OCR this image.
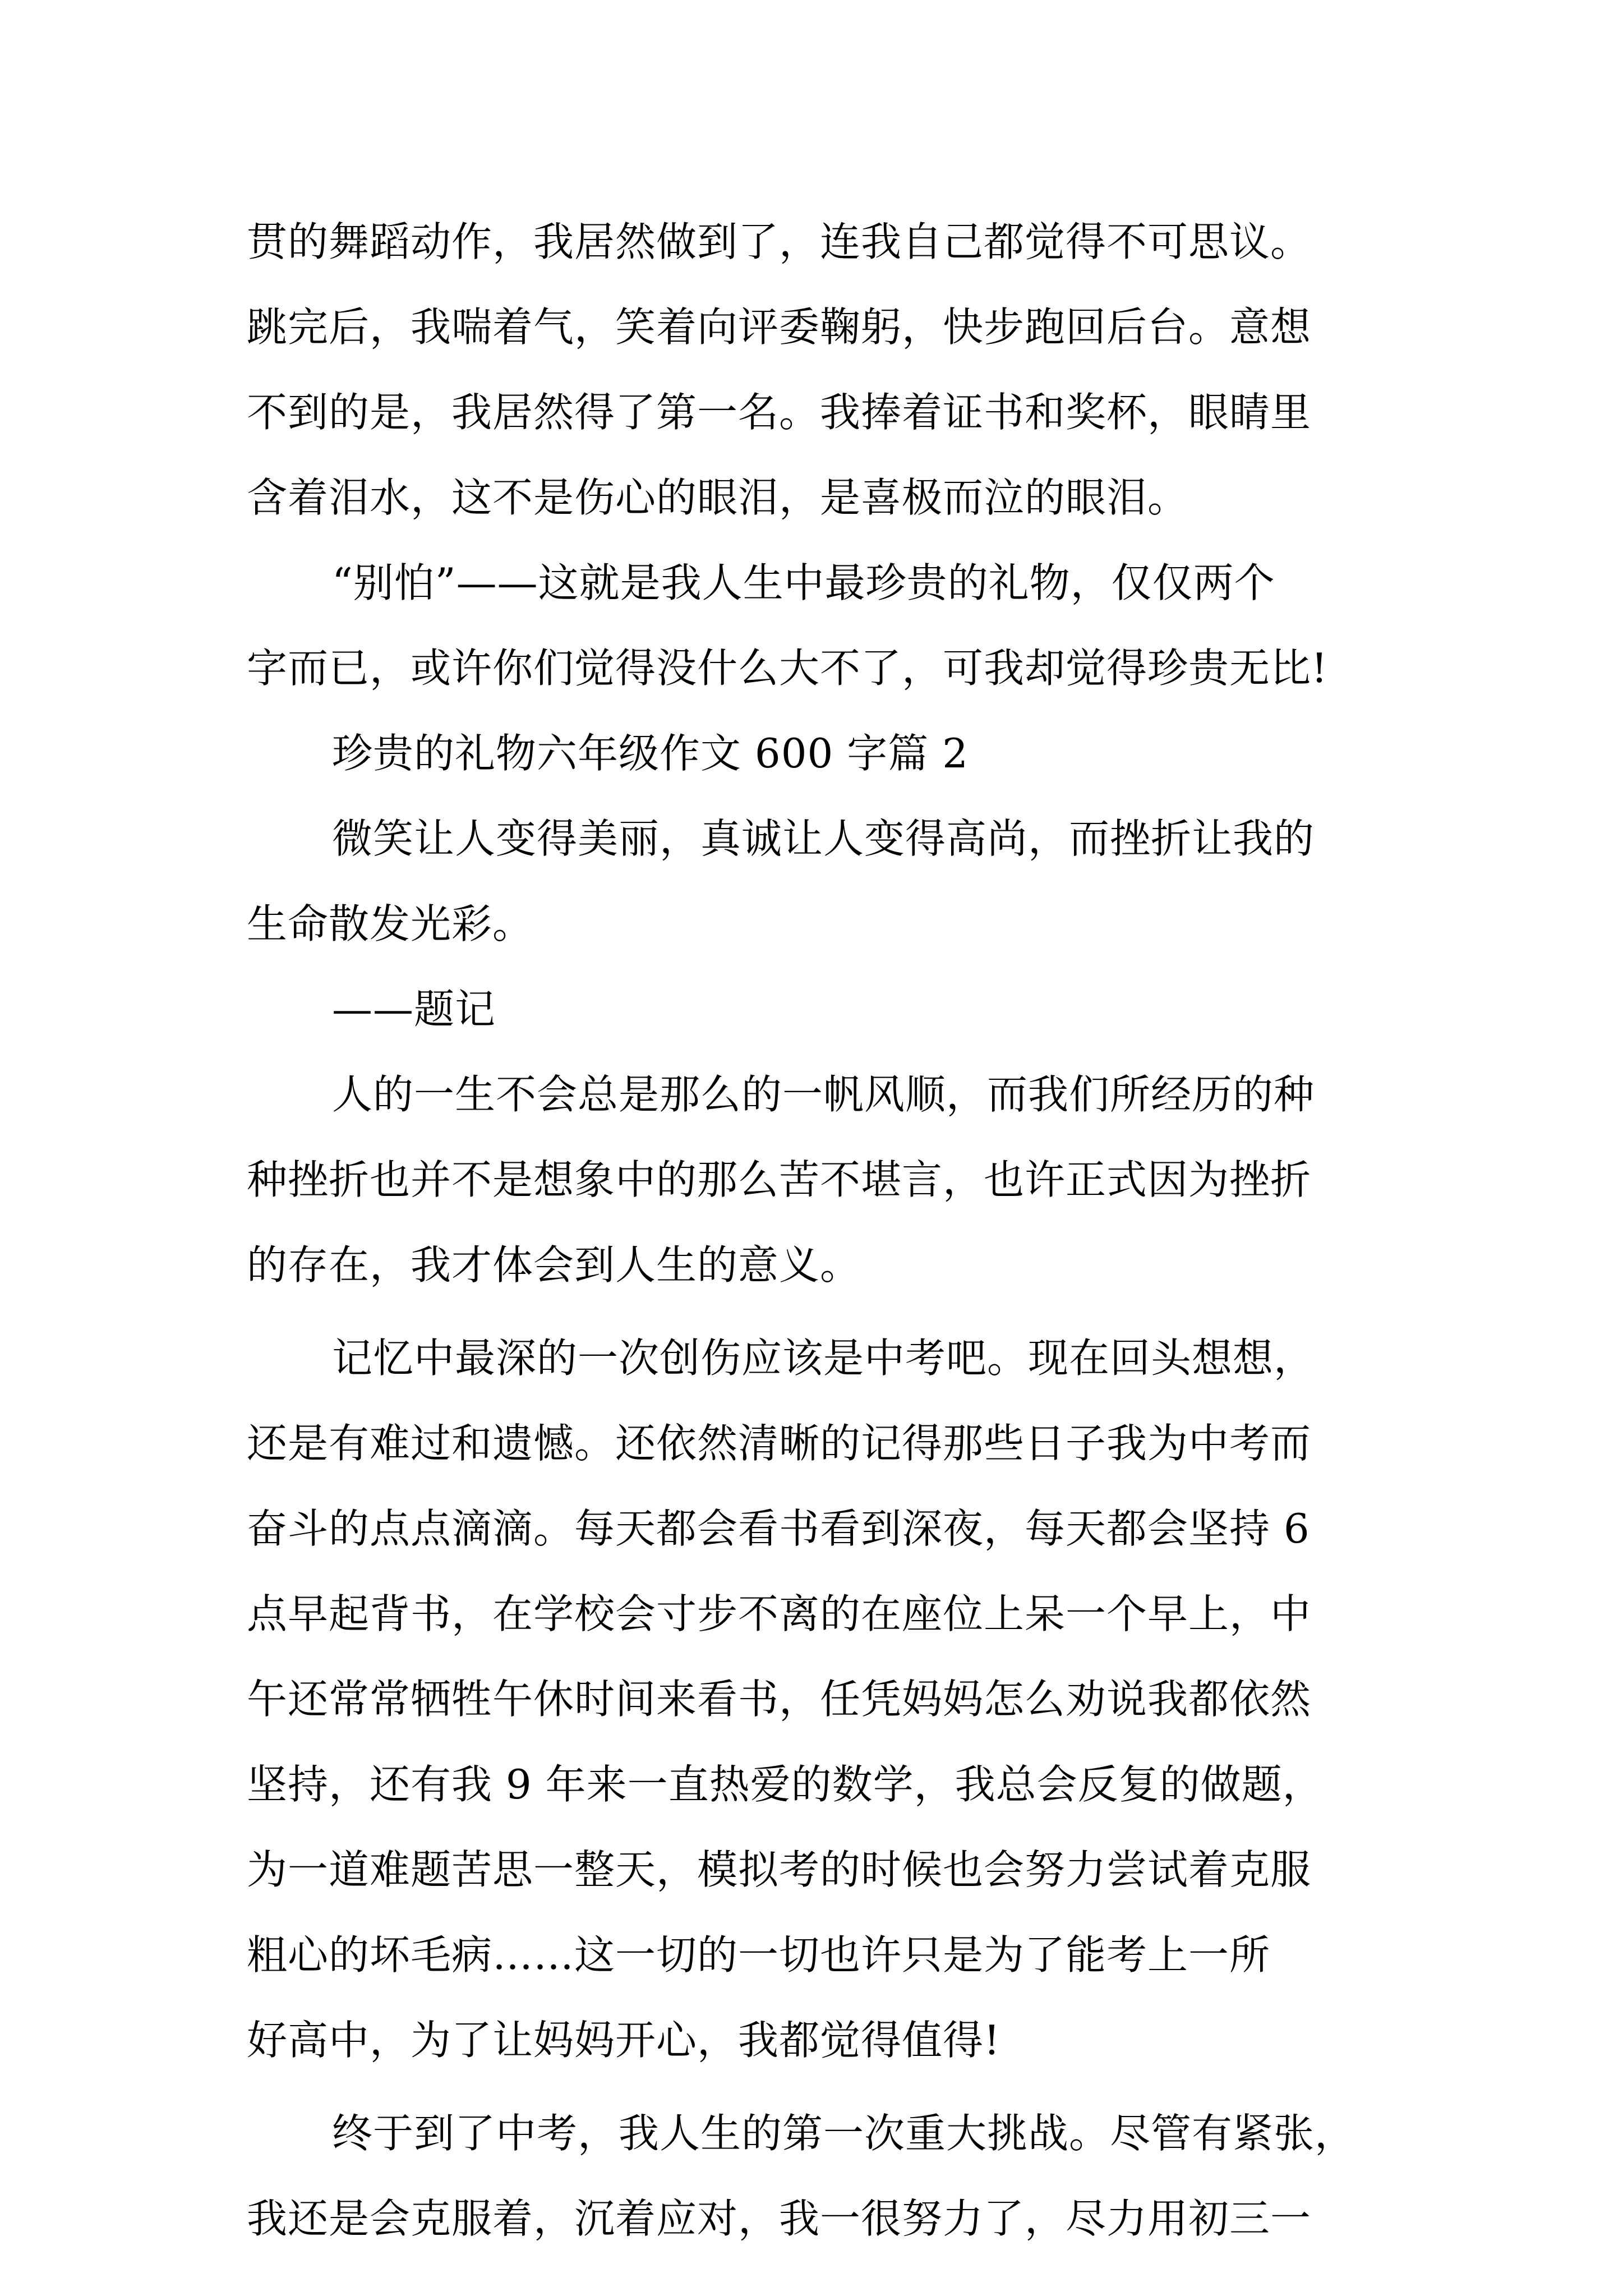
贯的舞蹈动作，我居然做到了，连我自己都觉得不可思议。
跳完后，我喘着气，笑着向评委鞠躬，快步跑回后台。意想
不到的是，我居然得了第一名。我捧着证书和奖杯，眼睛里
含着泪水，这不是伤心的眼泪，是喜极而泣的眼泪。
“别怕”——这就是我人生中最珍贵的礼物，仅仅两个
字而已，或许你们觉得没什么大不了，可我却觉得珍贵无比!
珍贵的礼物六年级作文 600 字篇 2
微笑让人变得美丽，真诚让人变得高尚，而挫折让我的
生命散发光彩。
——题记
人的一生不会总是那么的一帆风顺，而我们所经历的种
种挫折也并不是想象中的那么苦不堪言，也许正式因为挫折
的存在，我才体会到人生的意义。
记忆中最深的一次创伤应该是中考吧。现在回头想想，
还是有难过和遗憾。还依然清晰的记得那些日子我为中考而
奋斗的点点滴滴。每天都会看书看到深夜，每天都会坚持 6
点早起背书，在学校会寸步不离的在座位上呆一个早上，中
午还常常牺牲午休时间来看书，任凭妈妈怎么劝说我都依然
坚持，还有我 9 年来一直热爱的数学，我总会反复的做题，
为一道难题苦思一整天，模拟考的时候也会努力尝试着克服
粗心的坏毛病……这一切的一切也许只是为了能考上一所
好高中，为了让妈妈开心，我都觉得值得!
终于到了中考，我人生的第一次重大挑战。尽管有紧张，
我还是会克服着，沉着应对，我一很努力了，尽力用初三一
